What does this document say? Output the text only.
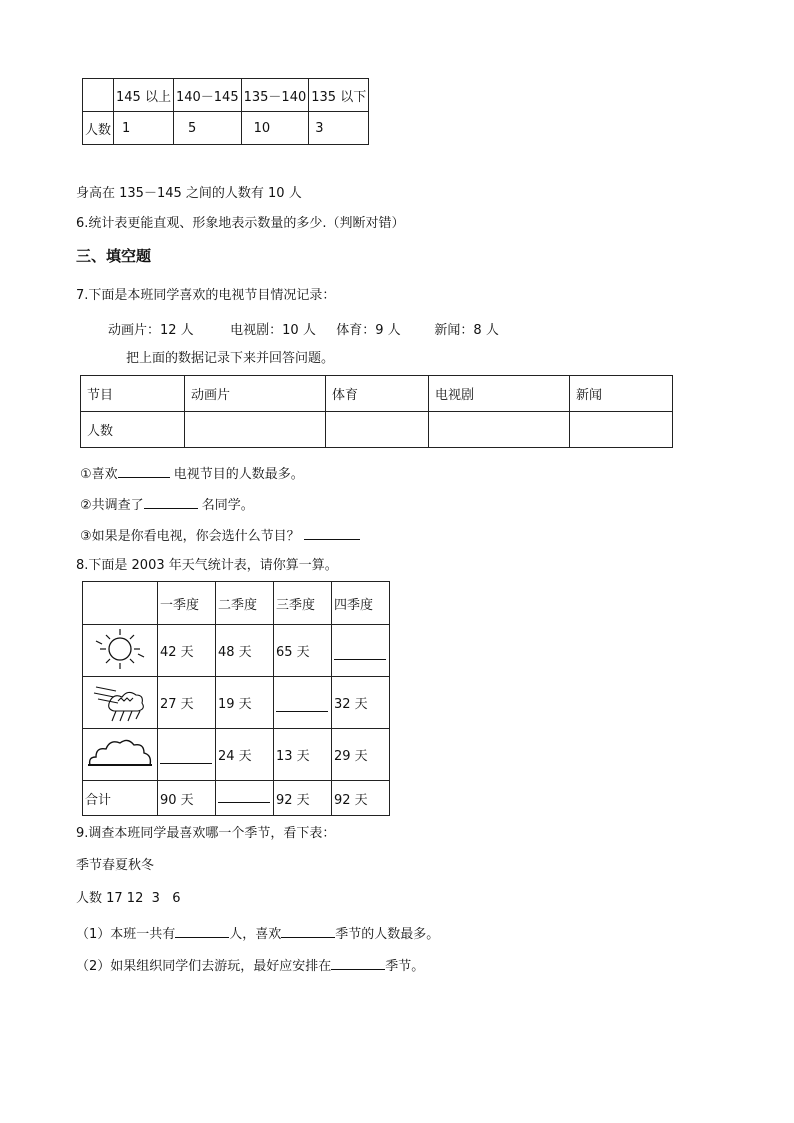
	145 以上	140－145	135－140	135 以下
人数	1	5	10	3
身高在 135－145 之间的人数有 10 人
6.统计表更能直观、形象地表示数量的多少.（判断对错）
三、填空题
7.下面是本班同学喜欢的电视节目情况记录：
动画片：12 人	电视剧：10 人 体育：9 人	新闻：8 人
把上面的数据记录下来并回答问题。
节目	动画片	体育	电视剧	新闻
人数				
①喜欢	电视节目的人数最多。
②共调查了	名同学。
③如果是你看电视，你会选什么节目？
8.下面是 2003 年天气统计表，请你算一算。
	一季度	二季度	三季度	四季度
	42 天	48 天	65 天	
	27 天	19 天		32 天
		24 天	13 天	29 天
合计	90 天		92 天	92 天
9.调查本班同学最喜欢哪一个季节，看下表：
季节春夏秋冬
人数 17 12  3   6
（1）本班一共有	人，喜欢	季节的人数最多。
（2）如果组织同学们去游玩，最好应安排在	季节。
